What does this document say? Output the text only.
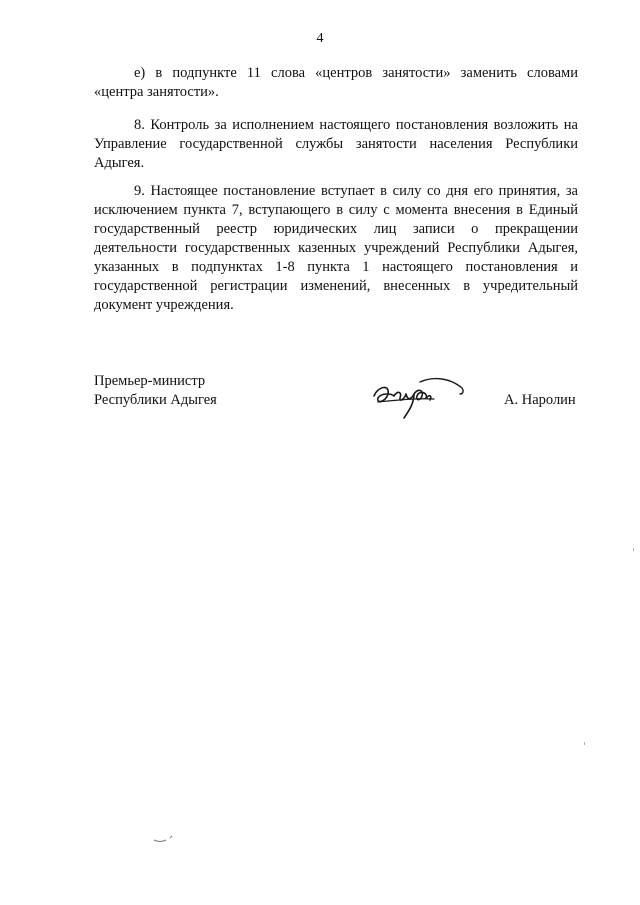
4

е) в подпункте 11 слова «центров занятости» заменить словами «центра занятости».

8. Контроль за исполнением настоящего постановления возложить на Управление государственной службы занятости населения Республики Адыгея.

9. Настоящее постановление вступает в силу со дня его принятия, за исключением пункта 7, вступающего в силу с момента внесения в Единый государственный реестр юридических лиц записи о прекращении деятельности государственных казенных учреждений Республики Адыгея, указанных в подпунктах 1-8 пункта 1 настоящего постановления и государственной регистрации изменений, внесенных в учредительный документ учреждения.

Премьер-министр
Республики Адыгея	А. Наролин
